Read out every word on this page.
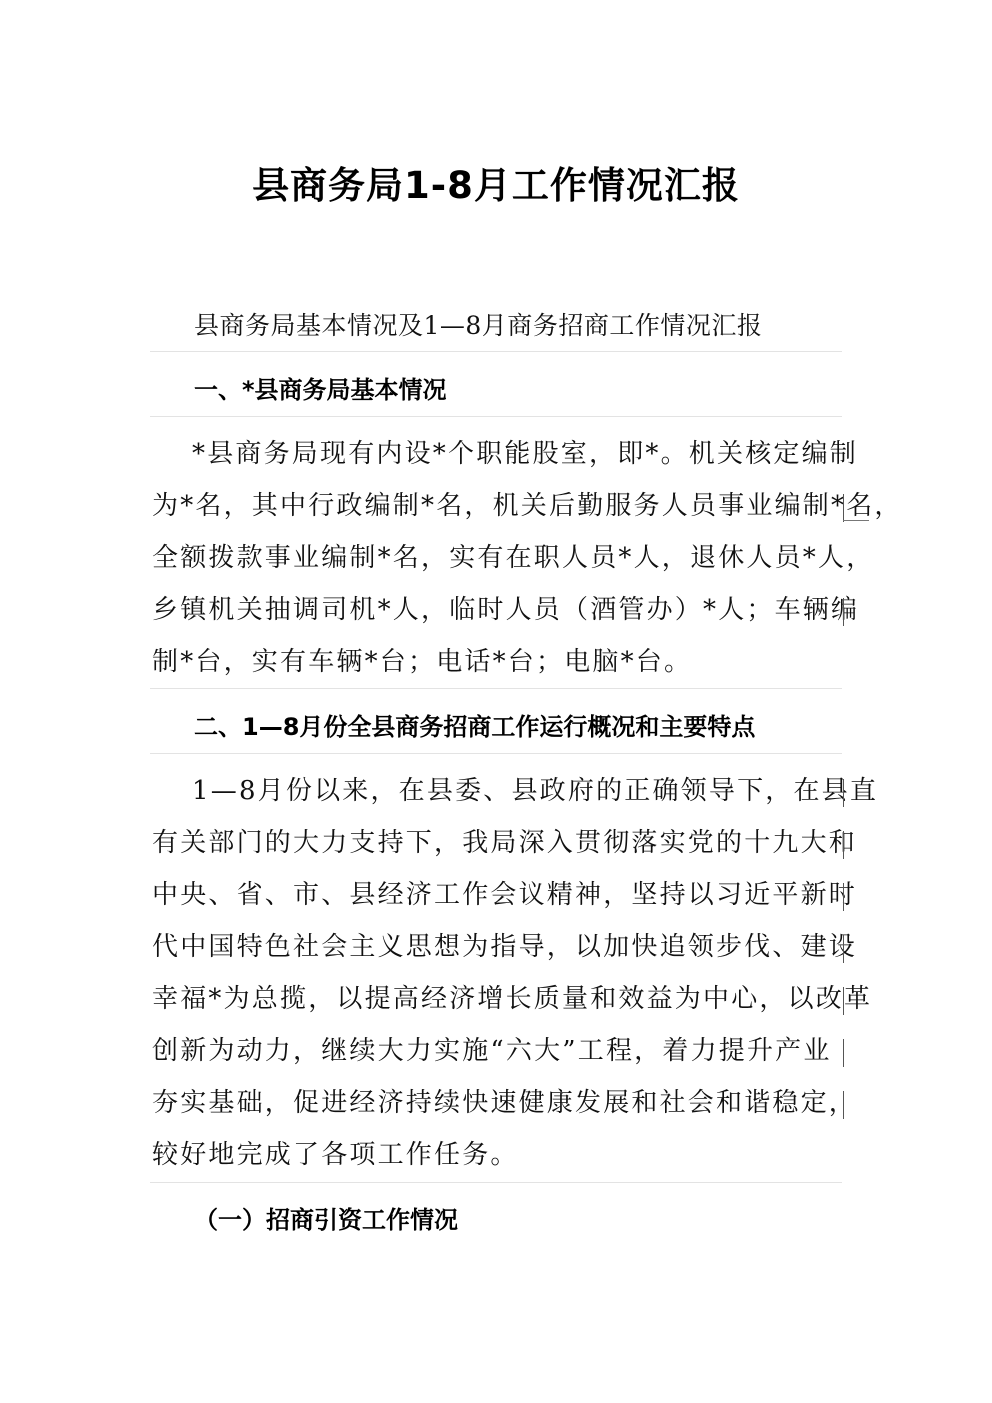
县商务局1-8月工作情况汇报
县商务局基本情况及1—8月商务招商工作情况汇报
一、*县商务局基本情况
*县商务局现有内设*个职能股室，即*。机关核定编制
为*名，其中行政编制*名，机关后勤服务人员事业编制*名，
全额拨款事业编制*名，实有在职人员*人，退休人员*人，
乡镇机关抽调司机*人，临时人员（酒管办）*人；车辆编
制*台，实有车辆*台；电话*台；电脑*台。
二、1—8月份全县商务招商工作运行概况和主要特点
1—8月份以来，在县委、县政府的正确领导下，在县直
有关部门的大力支持下，我局深入贯彻落实党的十九大和
中央、省、市、县经济工作会议精神，坚持以习近平新时
代中国特色社会主义思想为指导，以加快追领步伐、建设
幸福*为总揽，以提高经济增长质量和效益为中心，以改革
创新为动力，继续大力实施“六大”工程，着力提升产业
夯实基础，促进经济持续快速健康发展和社会和谐稳定，
较好地完成了各项工作任务。
（一）招商引资工作情况
